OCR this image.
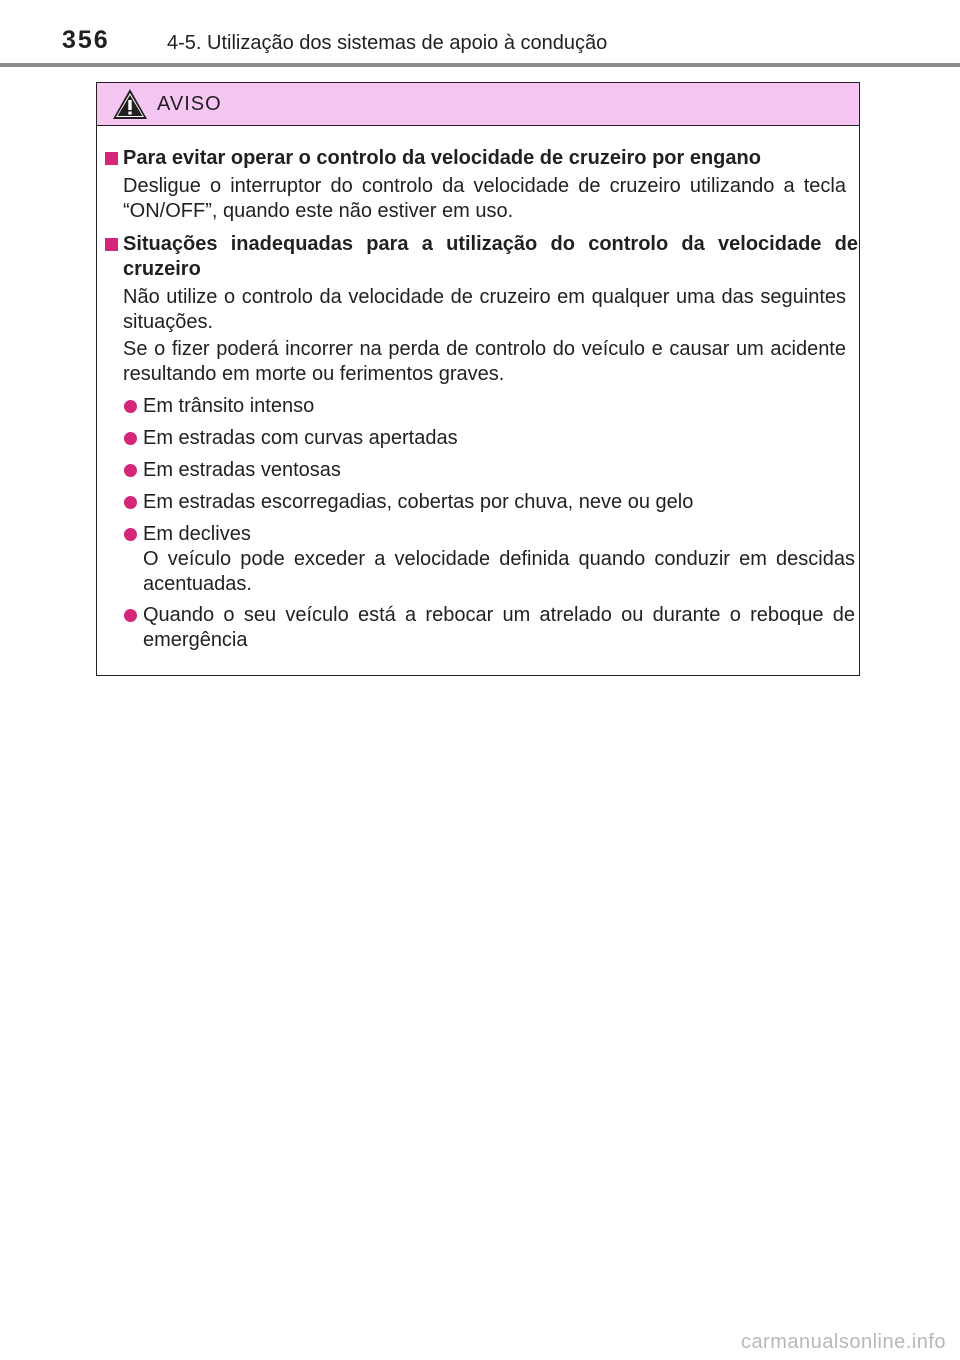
356	4-5. Utilização dos sistemas de apoio à condução
AVISO
Para evitar operar o controlo da velocidade de cruzeiro por engano
Desligue o interruptor do controlo da velocidade de cruzeiro utilizando a tecla “ON/OFF”, quando este não estiver em uso.
Situações inadequadas para a utilização do controlo da velocidade de cruzeiro
Não utilize o controlo da velocidade de cruzeiro em qualquer uma das seguintes situações.
Se o fizer poderá incorrer na perda de controlo do veículo e causar um acidente resultando em morte ou ferimentos graves.
Em trânsito intenso
Em estradas com curvas apertadas
Em estradas ventosas
Em estradas escorregadias, cobertas por chuva, neve ou gelo
Em declives
O veículo pode exceder a velocidade definida quando conduzir em descidas acentuadas.
Quando o seu veículo está a rebocar um atrelado ou durante o reboque de emergência
carmanualsonline.info
